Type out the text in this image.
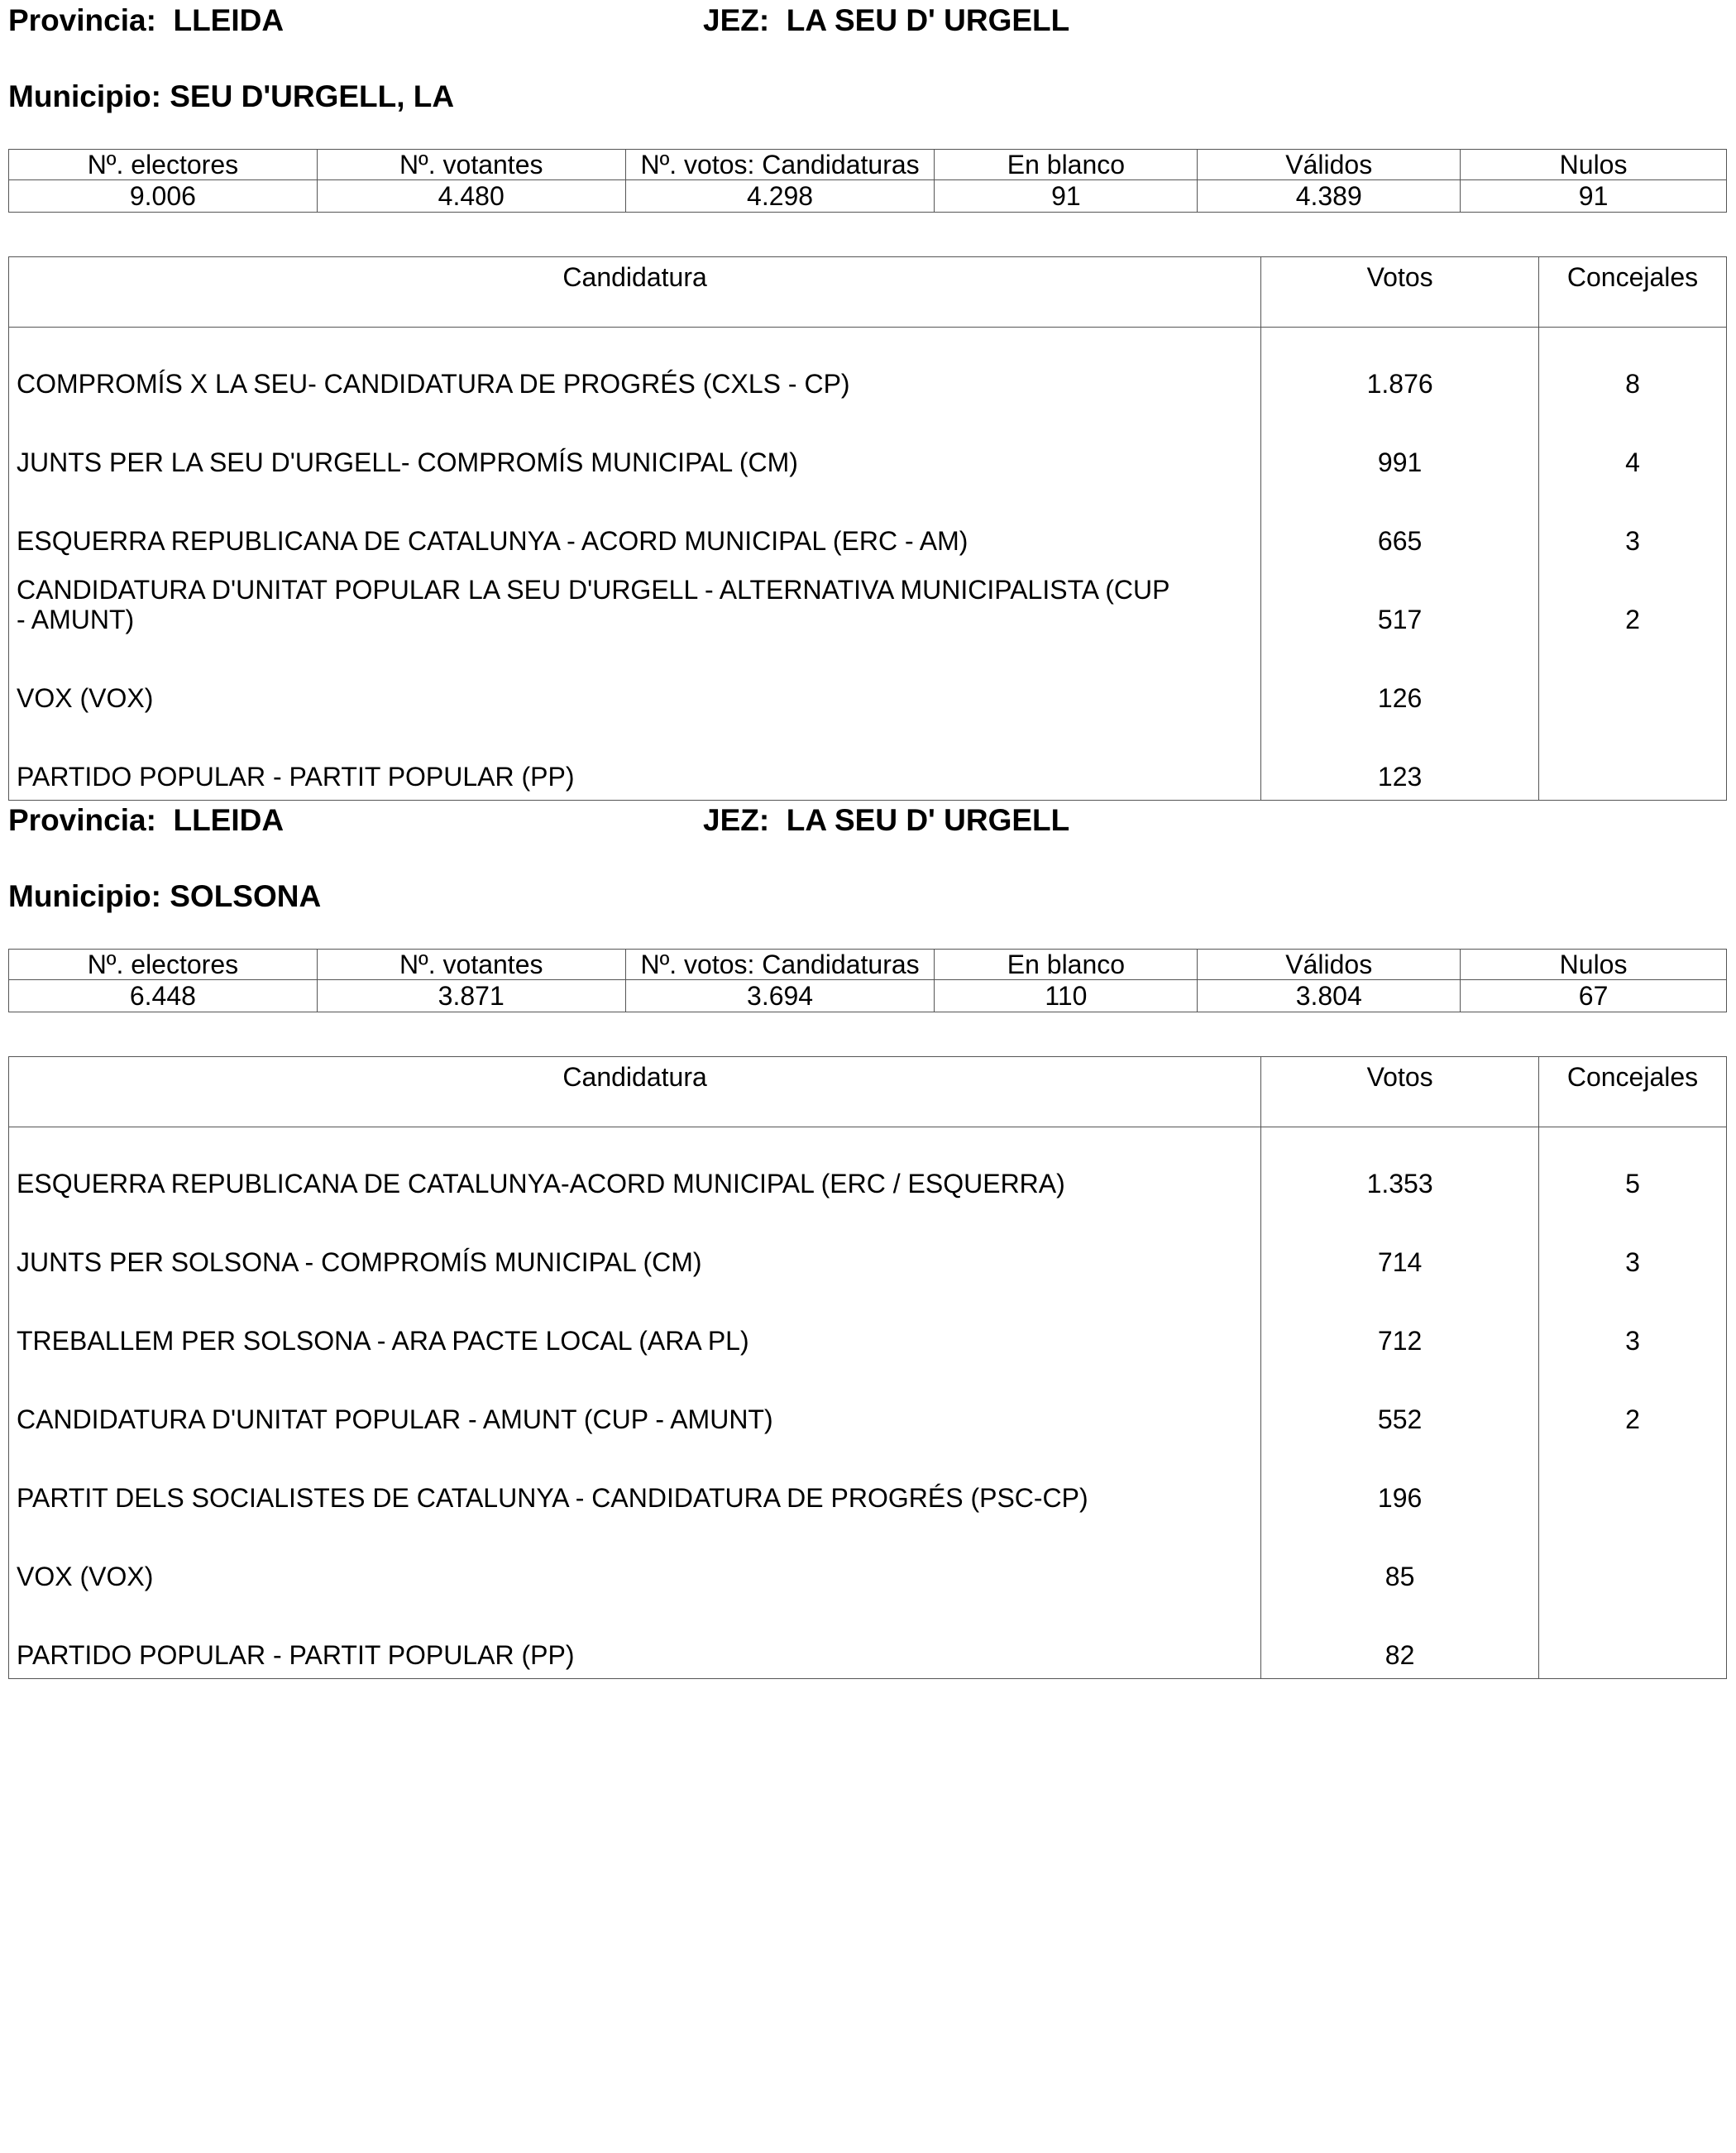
Provincia: LLEIDA	JEZ: LA SEU D' URGELL
Municipio: SEU D'URGELL, LA
Nº. electores	Nº. votantes	Nº. votos: Candidaturas	En blanco	Válidos	Nulos
9.006	4.480	4.298	91	4.389	91
Candidatura	Votos	Concejales
COMPROMÍS X LA SEU- CANDIDATURA DE PROGRÉS (CXLS - CP)	1.876	8
JUNTS PER LA SEU D'URGELL- COMPROMÍS MUNICIPAL (CM)	991	4
ESQUERRA REPUBLICANA DE CATALUNYA - ACORD MUNICIPAL (ERC - AM)	665	3
CANDIDATURA D'UNITAT POPULAR LA SEU D'URGELL - ALTERNATIVA MUNICIPALISTA (CUP - AMUNT)	517	2
VOX (VOX)	126	
PARTIDO POPULAR - PARTIT POPULAR (PP)	123	
Provincia: LLEIDA	JEZ: LA SEU D' URGELL
Municipio: SOLSONA
Nº. electores	Nº. votantes	Nº. votos: Candidaturas	En blanco	Válidos	Nulos
6.448	3.871	3.694	110	3.804	67
Candidatura	Votos	Concejales
ESQUERRA REPUBLICANA DE CATALUNYA-ACORD MUNICIPAL (ERC / ESQUERRA)	1.353	5
JUNTS PER SOLSONA - COMPROMÍS MUNICIPAL (CM)	714	3
TREBALLEM PER SOLSONA - ARA PACTE LOCAL (ARA PL)	712	3
CANDIDATURA D'UNITAT POPULAR - AMUNT (CUP - AMUNT)	552	2
PARTIT DELS SOCIALISTES DE CATALUNYA - CANDIDATURA DE PROGRÉS (PSC-CP)	196	
VOX (VOX)	85	
PARTIDO POPULAR - PARTIT POPULAR (PP)	82	
